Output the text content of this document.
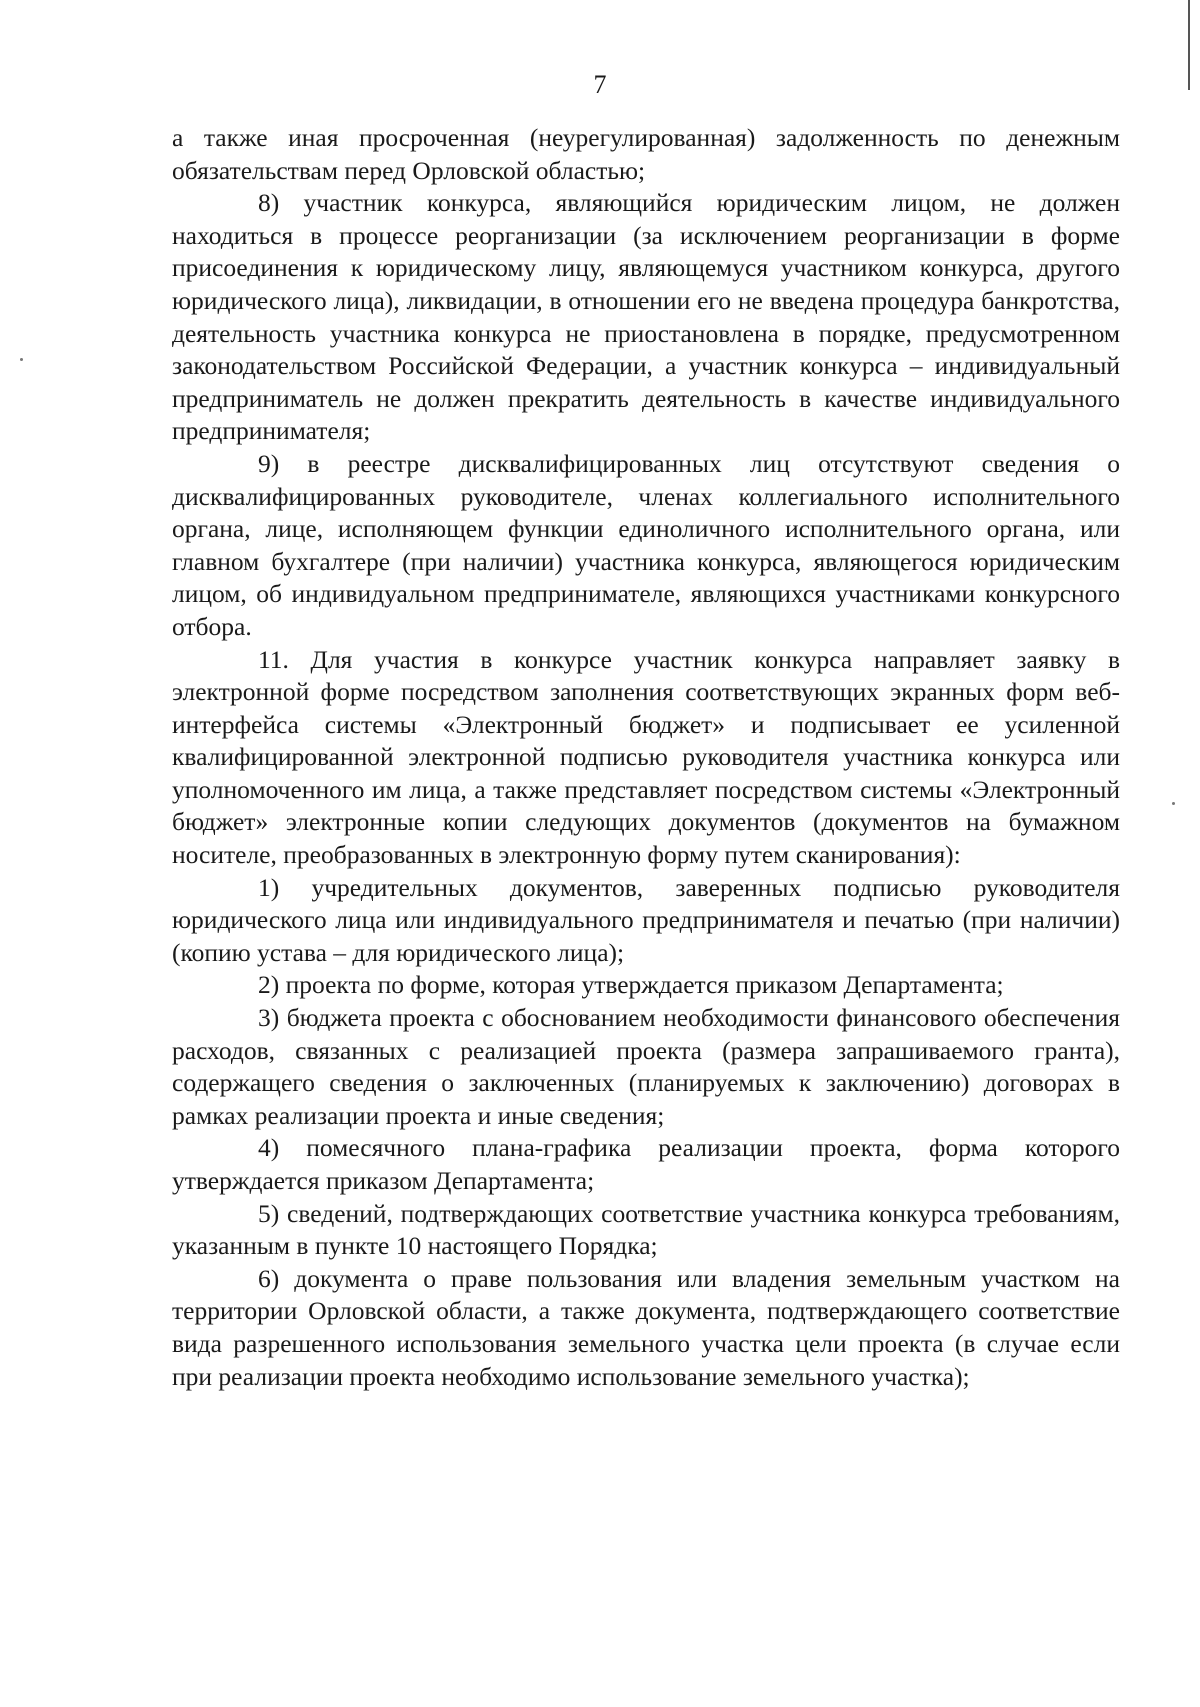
7

а также иная просроченная (неурегулированная) задолженность по денежным обязательствам перед Орловской областью;

8) участник конкурса, являющийся юридическим лицом, не должен находиться в процессе реорганизации (за исключением реорганизации в форме присоединения к юридическому лицу, являющемуся участником конкурса, другого юридического лица), ликвидации, в отношении его не введена процедура банкротства, деятельность участника конкурса не приостановлена в порядке, предусмотренном законодательством Российской Федерации, а участник конкурса – индивидуальный предприниматель не должен прекратить деятельность в качестве индивидуального предпринимателя;

9) в реестре дисквалифицированных лиц отсутствуют сведения о дисквалифицированных руководителе, членах коллегиального исполнительного органа, лице, исполняющем функции единоличного исполнительного органа, или главном бухгалтере (при наличии) участника конкурса, являющегося юридическим лицом, об индивидуальном предпринимателе, являющихся участниками конкурсного отбора.

11. Для участия в конкурсе участник конкурса направляет заявку в электронной форме посредством заполнения соответствующих экранных форм веб-интерфейса системы «Электронный бюджет» и подписывает ее усиленной квалифицированной электронной подписью руководителя участника конкурса или уполномоченного им лица, а также представляет посредством системы «Электронный бюджет» электронные копии следующих документов (документов на бумажном носителе, преобразованных в электронную форму путем сканирования):

1) учредительных документов, заверенных подписью руководителя юридического лица или индивидуального предпринимателя и печатью (при наличии) (копию устава – для юридического лица);

2) проекта по форме, которая утверждается приказом Департамента;

3) бюджета проекта с обоснованием необходимости финансового обеспечения расходов, связанных с реализацией проекта (размера запрашиваемого гранта), содержащего сведения о заключенных (планируемых к заключению) договорах в рамках реализации проекта и иные сведения;

4) помесячного плана-графика реализации проекта, форма которого утверждается приказом Департамента;

5) сведений, подтверждающих соответствие участника конкурса требованиям, указанным в пункте 10 настоящего Порядка;

6) документа о праве пользования или владения земельным участком на территории Орловской области, а также документа, подтверждающего соответствие вида разрешенного использования земельного участка цели проекта (в случае если при реализации проекта необходимо использование земельного участка);
